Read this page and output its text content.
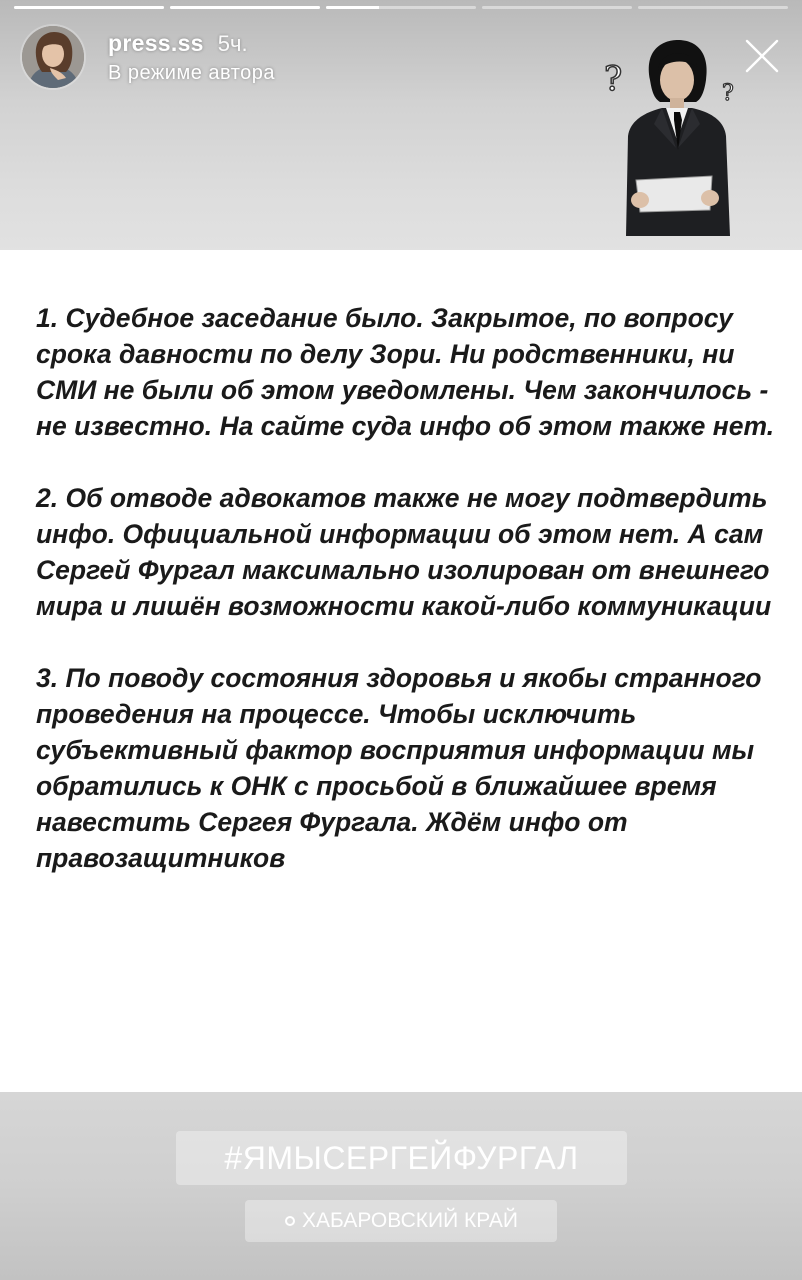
press.ss 5ч.
В режиме автора	?	?

1. Судебное заседание было. Закрытое, по вопросу срока давности по делу Зори. Ни родственники, ни СМИ не были об этом уведомлены. Чем закончилось - не известно. На сайте суда инфо об этом также нет.

2. Об отводе адвокатов также не могу подтвердить инфо. Официальной информации об этом нет. А сам Сергей Фургал максимально изолирован от внешнего мира и лишён возможности какой-либо коммуникации

3. По поводу состояния здоровья и якобы странного проведения на процессе. Чтобы исключить субъективный фактор восприятия информации мы обратились к ОНК с просьбой в ближайшее время навестить Сергея Фургала. Ждём инфо от правозащитников

#ЯМЫСЕРГЕЙФУРГАЛ
ХАБАРОВСКИЙ КРАЙ
